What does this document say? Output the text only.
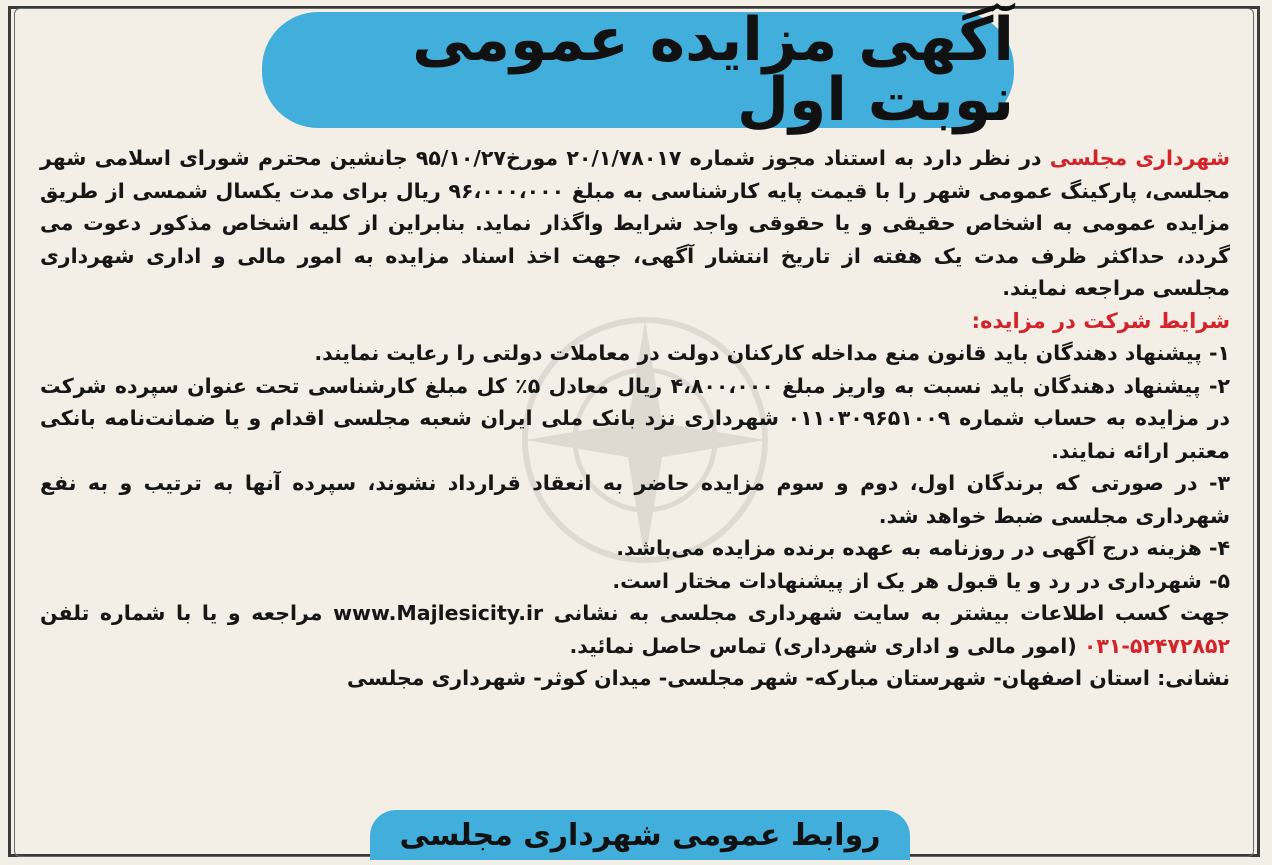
آگهی مزایده عمومی نوبت اول

شهرداری مجلسی در نظر دارد به استناد مجوز شماره ۲۰/۱/۷۸۰۱۷ مورخ۹۵/۱۰/۲۷ جانشین محترم شورای اسلامی شهر مجلسی، پارکینگ عمومی شهر را با قیمت پایه کارشناسی به مبلغ ۹۶،۰۰۰،۰۰۰ ریال برای مدت یکسال شمسی از طریق مزایده عمومی به اشخاص حقیقی و یا حقوقی واجد شرایط واگذار نماید. بنابراین از کلیه اشخاص مذکور دعوت می گردد، حداکثر ظرف مدت یک هفته از تاریخ انتشار آگهی، جهت اخذ اسناد مزایده به امور مالی و اداری شهرداری مجلسی مراجعه نمایند.

شرایط شرکت در مزایده:

۱- پیشنهاد دهندگان باید قانون منع مداخله کارکنان دولت در معاملات دولتی را رعایت نمایند.

۲- پیشنهاد دهندگان باید نسبت به واریز مبلغ ۴،۸۰۰،۰۰۰ ریال معادل ۵٪ کل مبلغ کارشناسی تحت عنوان سپرده شرکت در مزایده به حساب شماره ۰۱۱۰۳۰۹۶۵۱۰۰۹ شهرداری نزد بانک ملی ایران شعبه مجلسی اقدام و یا ضمانت‌نامه بانکی معتبر ارائه نمایند.

۳- در صورتی که برندگان اول، دوم و سوم مزایده حاضر به انعقاد قرارداد نشوند، سپرده آنها به ترتیب و به نفع شهرداری مجلسی ضبط خواهد شد.

۴- هزینه درج آگهی در روزنامه به عهده برنده مزایده می‌باشد.

۵- شهرداری در رد و یا قبول هر یک از پیشنهادات مختار است.

جهت کسب اطلاعات بیشتر به سایت شهرداری مجلسی به نشانی www.Majlesicity.ir مراجعه و یا با شماره تلفن ۰۳۱-۵۲۴۷۲۸۵۲ (امور مالی و اداری شهرداری) تماس حاصل نمائید.

نشانی: استان اصفهان- شهرستان مبارکه- شهر مجلسی- میدان کوثر- شهرداری مجلسی

روابط عمومی شهرداری مجلسی
